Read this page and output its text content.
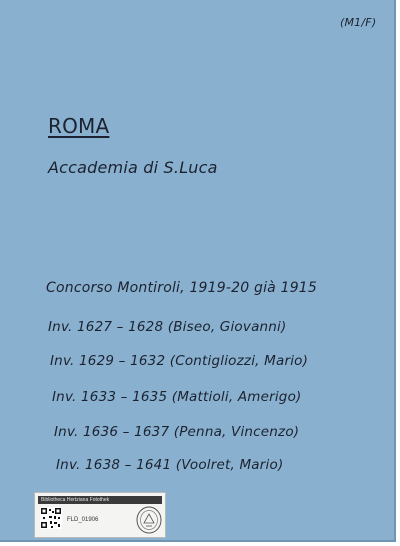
(M1/F)
ROMA
Accademia di S.Luca
Concorso Montiroli, 1919-20 già 1915
Inv. 1627 – 1628 (Biseo, Giovanni)
Inv. 1629 – 1632 (Contigliozzi, Mario)
Inv. 1633 – 1635 (Mattioli, Amerigo)
Inv. 1636 – 1637 (Penna, Vincenzo)
Inv. 1638 – 1641 (Voolret, Mario)
Bibliotheca Hertziana Fotothek
FLD_01906
